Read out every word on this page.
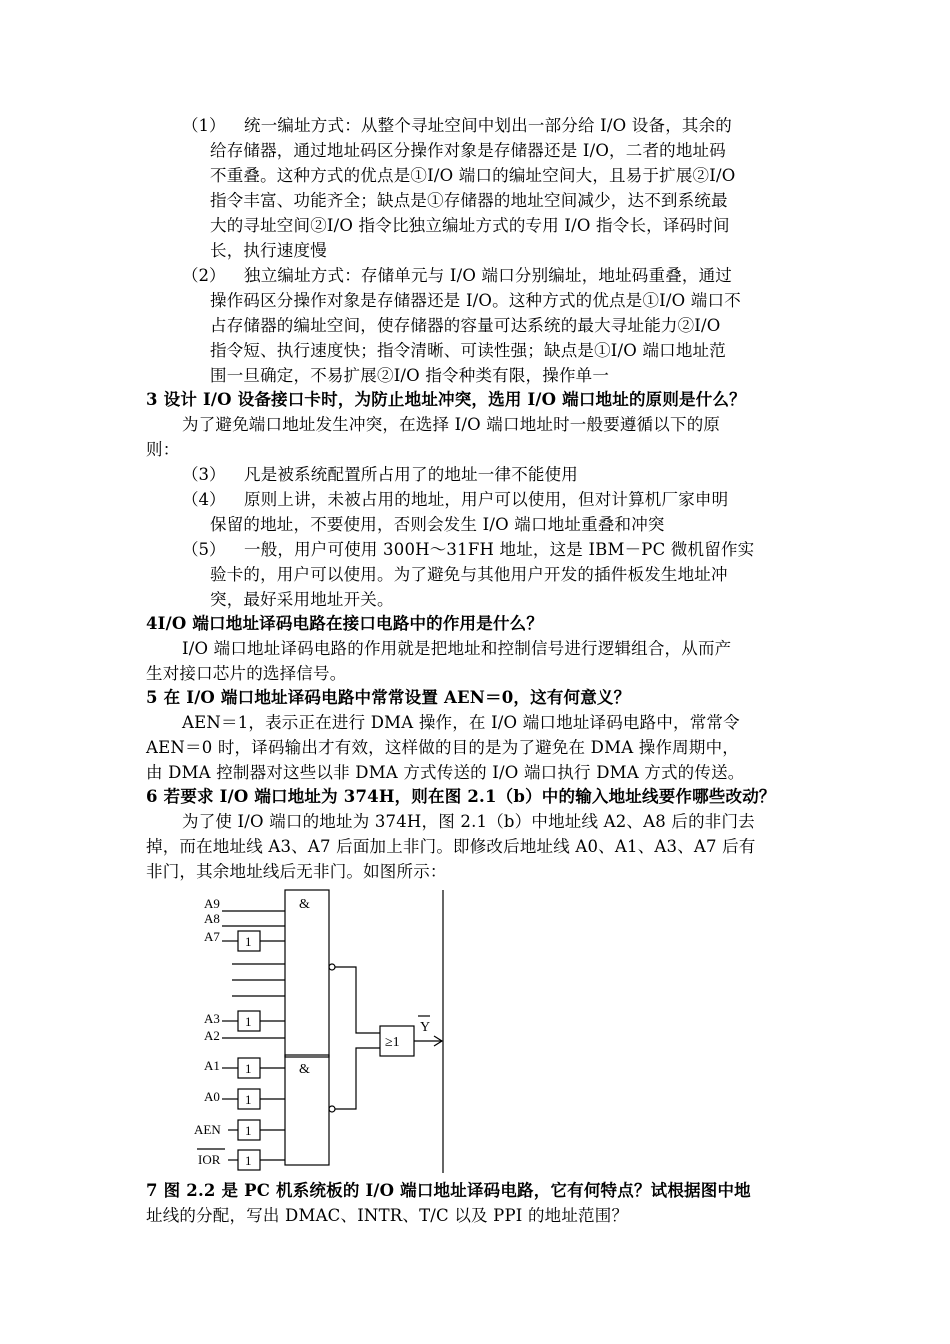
（1） 统一编址方式：从整个寻址空间中划出一部分给 I/O 设备，其余的
给存储器，通过地址码区分操作对象是存储器还是 I/O，二者的地址码
不重叠。这种方式的优点是①I/O 端口的编址空间大，且易于扩展②I/O
指令丰富、功能齐全；缺点是①存储器的地址空间减少，达不到系统最
大的寻址空间②I/O 指令比独立编址方式的专用 I/O 指令长，译码时间
长，执行速度慢
（2） 独立编址方式：存储单元与 I/O 端口分别编址，地址码重叠，通过
操作码区分操作对象是存储器还是 I/O。这种方式的优点是①I/O 端口不
占存储器的编址空间，使存储器的容量可达系统的最大寻址能力②I/O
指令短、执行速度快；指令清晰、可读性强；缺点是①I/O 端口地址范
围一旦确定，不易扩展②I/O 指令种类有限，操作单一
3 设计 I/O 设备接口卡时，为防止地址冲突，选用 I/O 端口地址的原则是什么？
为了避免端口地址发生冲突，在选择 I/O 端口地址时一般要遵循以下的原
则：
（3） 凡是被系统配置所占用了的地址一律不能使用
（4） 原则上讲，未被占用的地址，用户可以使用，但对计算机厂家申明
保留的地址，不要使用，否则会发生 I/O 端口地址重叠和冲突
（5） 一般，用户可使用 300H～31FH 地址，这是 IBM－PC 微机留作实
验卡的，用户可以使用。为了避免与其他用户开发的插件板发生地址冲
突，最好采用地址开关。
4I/O 端口地址译码电路在接口电路中的作用是什么？
I/O 端口地址译码电路的作用就是把地址和控制信号进行逻辑组合，从而产
生对接口芯片的选择信号。
5 在 I/O 端口地址译码电路中常常设置 AEN＝0，这有何意义？
AEN＝1，表示正在进行 DMA 操作，在 I/O 端口地址译码电路中，常常令
AEN＝0 时，译码输出才有效，这样做的目的是为了避免在 DMA 操作周期中，
由 DMA 控制器对这些以非 DMA 方式传送的 I/O 端口执行 DMA 方式的传送。
6 若要求 I/O 端口地址为 374H，则在图 2.1（b）中的输入地址线要作哪些改动？
为了使 I/O 端口的地址为 374H，图 2.1（b）中地址线 A2、A8 后的非门去
掉，而在地址线 A3、A7 后面加上非门。即修改后地址线 A0、A1、A3、A7 后有
非门，其余地址线后无非门。如图所示：
&
&
≥1
Y
1
1
1
1
1
1
A9
A8
A7
A3
A2
A1
A0
AEN
IOR
7 图 2.2 是 PC 机系统板的 I/O 端口地址译码电路，它有何特点？试根据图中地
址线的分配，写出 DMAC、INTR、T/C 以及 PPI 的地址范围？
